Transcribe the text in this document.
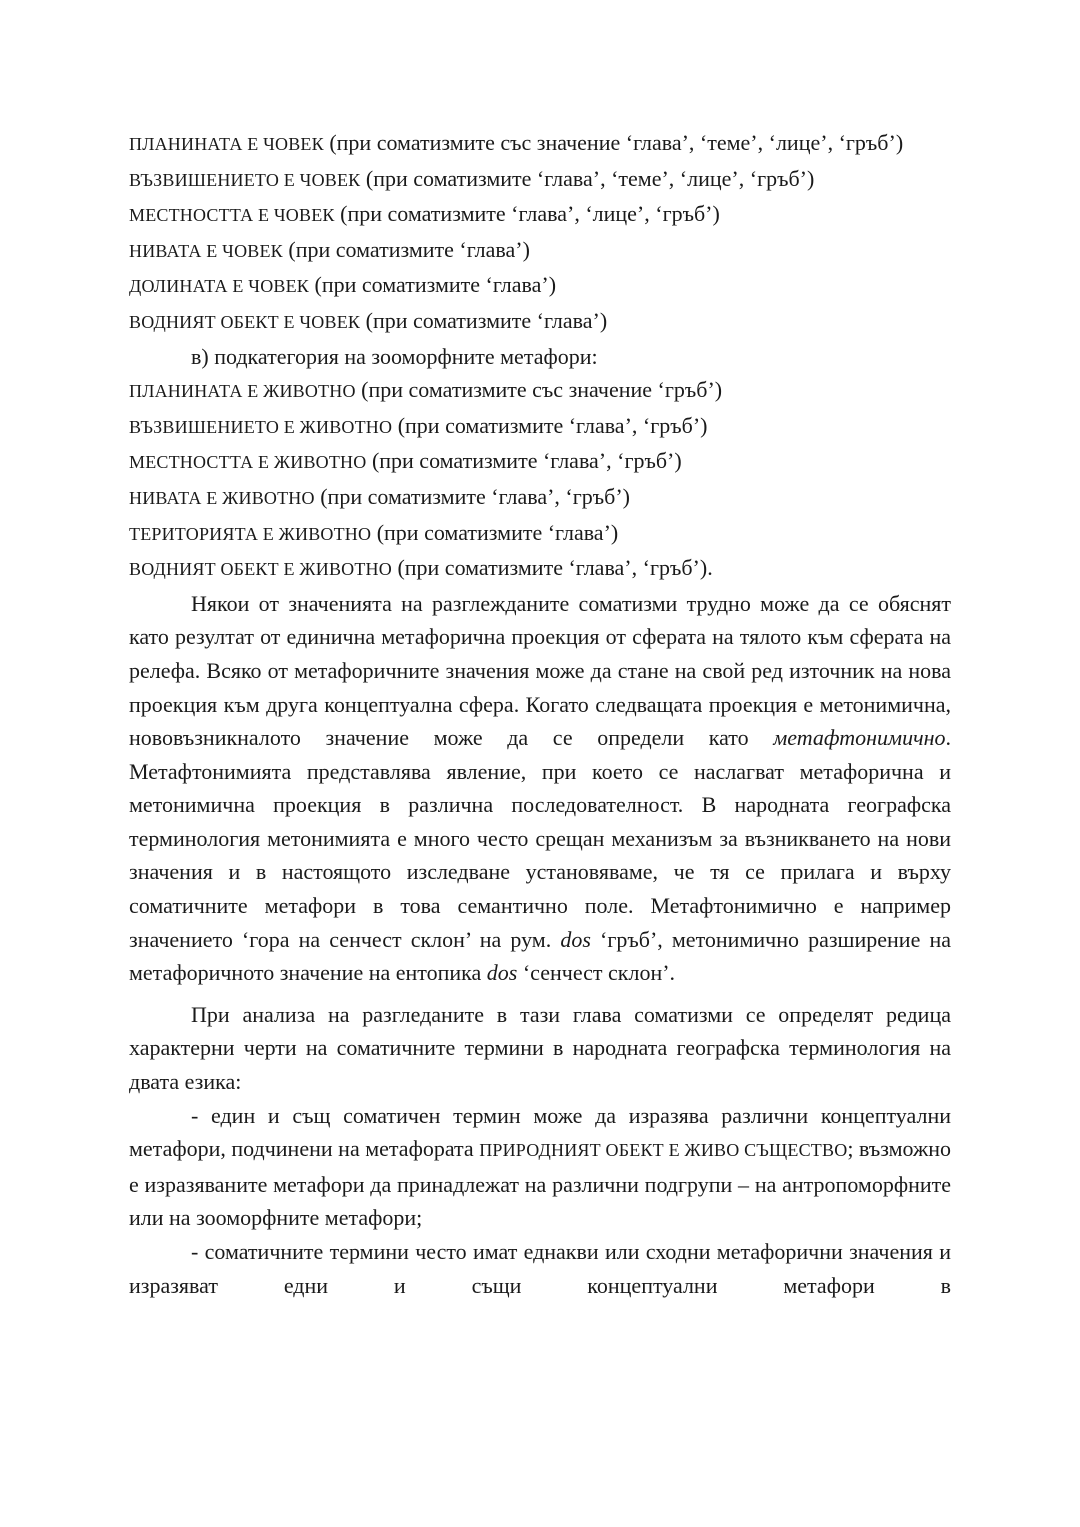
ПЛАНИНАТА Е ЧОВЕК (при соматизмите със значение ‘глава’, ‘теме’, ‘лице’, ‘гръб’)
ВЪЗВИШЕНИЕТО Е ЧОВЕК (при соматизмите ‘глава’, ‘теме’, ‘лице’, ‘гръб’)
МЕСТНОСТТА Е ЧОВЕК (при соматизмите ‘глава’, ‘лице’, ‘гръб’)
НИВАТА Е ЧОВЕК (при соматизмите ‘глава’)
ДОЛИНАТА Е ЧОВЕК (при соматизмите ‘глава’)
ВОДНИЯТ ОБЕКТ Е ЧОВЕК (при соматизмите ‘глава’)
в) подкатегория на зооморфните метафори:
ПЛАНИНАТА Е ЖИВОТНО (при соматизмите със значение ‘гръб’)
ВЪЗВИШЕНИЕТО Е ЖИВОТНО (при соматизмите ‘глава’, ‘гръб’)
МЕСТНОСТТА Е ЖИВОТНО (при соматизмите ‘глава’, ‘гръб’)
НИВАТА Е ЖИВОТНО (при соматизмите ‘глава’, ‘гръб’)
ТЕРИТОРИЯТА Е ЖИВОТНО (при соматизмите ‘глава’)
ВОДНИЯТ ОБЕКТ Е ЖИВОТНО (при соматизмите ‘глава’, ‘гръб’).

Някои от значенията на разглежданите соматизми трудно може да се обяснят като резултат от единична метафорична проекция от сферата на тялото към сферата на релефа. Всяко от метафоричните значения може да стане на свой ред източник на нова проекция към друга концептуална сфера. Когато следващата проекция е метонимична, нововъзникналото значение може да се определи като метафтонимично. Метафтонимията представлява явление, при което се наслагват метафорична и метонимична проекция в различна последователност. В народната географска терминология метонимията е много често срещан механизъм за възникването на нови значения и в настоящото изследване установяваме, че тя се прилага и върху соматичните метафори в това семантично поле. Метафтонимично е например значението ‘гора на сенчест склон’ на рум. dos ‘гръб’, метонимично разширение на метафоричното значение на ентопика dos ‘сенчест склон’.

При анализа на разгледаните в тази глава соматизми се определят редица характерни черти на соматичните термини в народната географска терминология на двата езика:

- един и същ соматичен термин може да изразява различни концептуални метафори, подчинени на метафората ПРИРОДНИЯТ ОБЕКТ Е ЖИВО СЪЩЕСТВО; възможно е изразяваните метафори да принадлежат на различни подгрупи – на антропоморфните или на зооморфните метафори;

- соматичните термини често имат еднакви или сходни метафорични значения и изразяват едни и същи концептуални метафори в
